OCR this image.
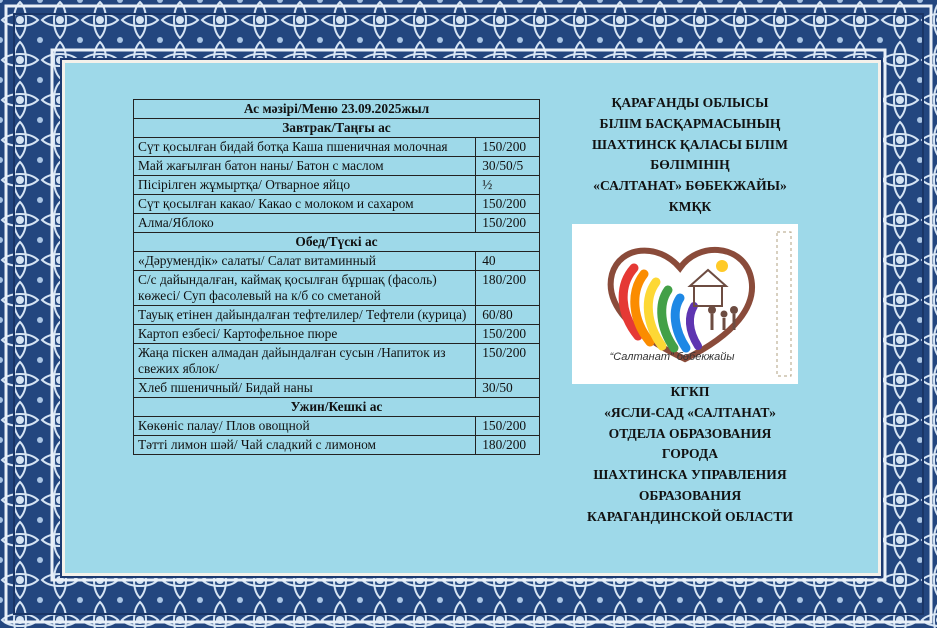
Ас мәзірі/Меню 23.09.2025жыл	
Завтрак/Таңғы ас	
Сүт қосылған бидай ботқа Каша пшеничная молочная	150/200
Май жағылған батон наны/ Батон с маслом	30/50/5
Пісірілген жұмыртқа/ Отварное яйцо	½
Сүт қосылған какао/ Какао с молоком и сахаром	150/200
Алма/Яблоко	150/200
Обед/Түскі ас	
«Дәрумендік» салаты/ Салат витаминный	40
С/с дайындалған, каймақ қосылған бұршақ (фасоль) көжесі/ Суп фасолевый на к/б со сметаной	180/200
Тауық етінен дайындалған тефтелилер/ Тефтели (курица)	60/80
Картоп езбесі/ Картофельное пюре	150/200
Жаңа піскен алмадан дайындалған сусын /Напиток из свежих яблок/	150/200
Хлеб пшеничный/ Бидай наны	30/50
Ужин/Кешкі ас	
Көкөніс палау/ Плов овощной	150/200
Тәтті лимон шәй/ Чай сладкий с лимоном	180/200
ҚАРАҒАНДЫ ОБЛЫСЫ
БІЛІМ БАСҚАРМАСЫНЫҢ
ШАХТИНСК ҚАЛАСЫ БІЛІМ
БӨЛІМІНІҢ
«САЛТАНАТ» БӨБЕКЖАЙЫ»
КМҚК
“Салтанат” бөбекжайы
КГКП
«ЯСЛИ-САД «САЛТАНАТ»
ОТДЕЛА ОБРАЗОВАНИЯ
ГОРОДА
ШАХТИНСКА УПРАВЛЕНИЯ
ОБРАЗОВАНИЯ
КАРАГАНДИНСКОЙ ОБЛАСТИ
